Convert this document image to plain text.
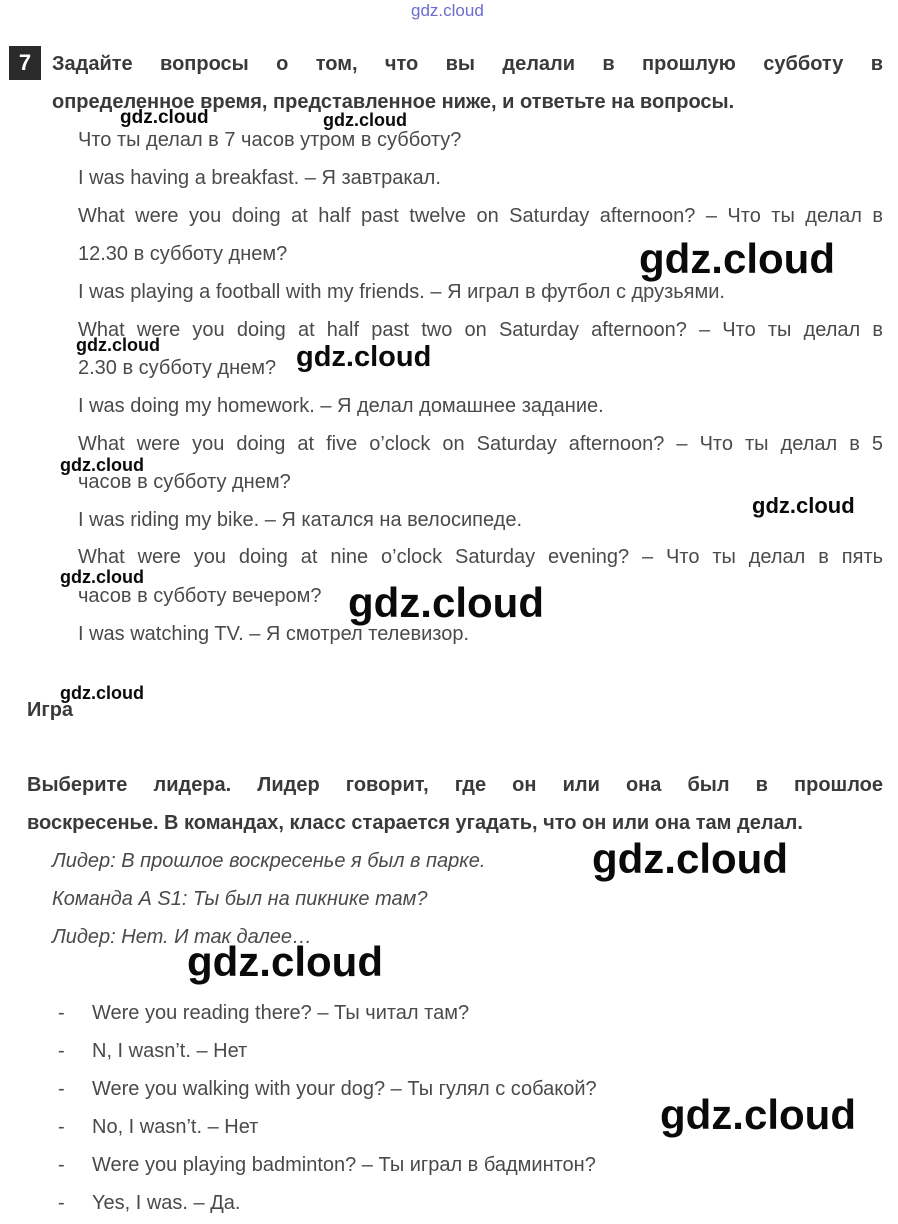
gdz.cloud
gdz.cloud	gdz.cloud
gdz.cloud
gdz.cloud	gdz.cloud
gdz.cloud
gdz.cloud
gdz.cloud
gdz.cloud
gdz.cloud
gdz.cloud
gdz.cloud
gdz.cloud
7	Задайте вопросы о том, что вы делали в прошлую субботу в
определенное время, представленное ниже, и ответьте на вопросы.
Что ты делал в 7 часов утром в субботу?
I was having a breakfast. – Я завтракал.
What were you doing at half past twelve on Saturday afternoon? – Что ты делал в
12.30 в субботу днем?
I was playing a football with my friends. – Я играл в футбол с друзьями.
What were you doing at half past two on Saturday afternoon? – Что ты делал в
2.30 в субботу днем?
I was doing my homework. – Я делал домашнее задание.
What were you doing at five o’clock on Saturday afternoon? – Что ты делал в 5
часов в субботу днем?
I was riding my bike. – Я катался на велосипеде.
What were you doing at nine o’clock Saturday evening? – Что ты делал в пять
часов в субботу вечером?
I was watching TV. – Я смотрел телевизор.
Игра
Выберите лидера. Лидер говорит, где он или она был в прошлое
воскресенье. В командах, класс старается угадать, что он или она там делал.
Лидер: В прошлое воскресенье я был в парке.
Команда А S1: Ты был на пикнике там?
Лидер: Нет. И так далее…
- Were you reading there? – Ты читал там?
- N, I wasn’t. – Нет
- Were you walking with your dog? – Ты гулял с собакой?
- No, I wasn’t. – Нет
- Were you playing badminton? – Ты играл в бадминтон?
- Yes, I was. – Да.
